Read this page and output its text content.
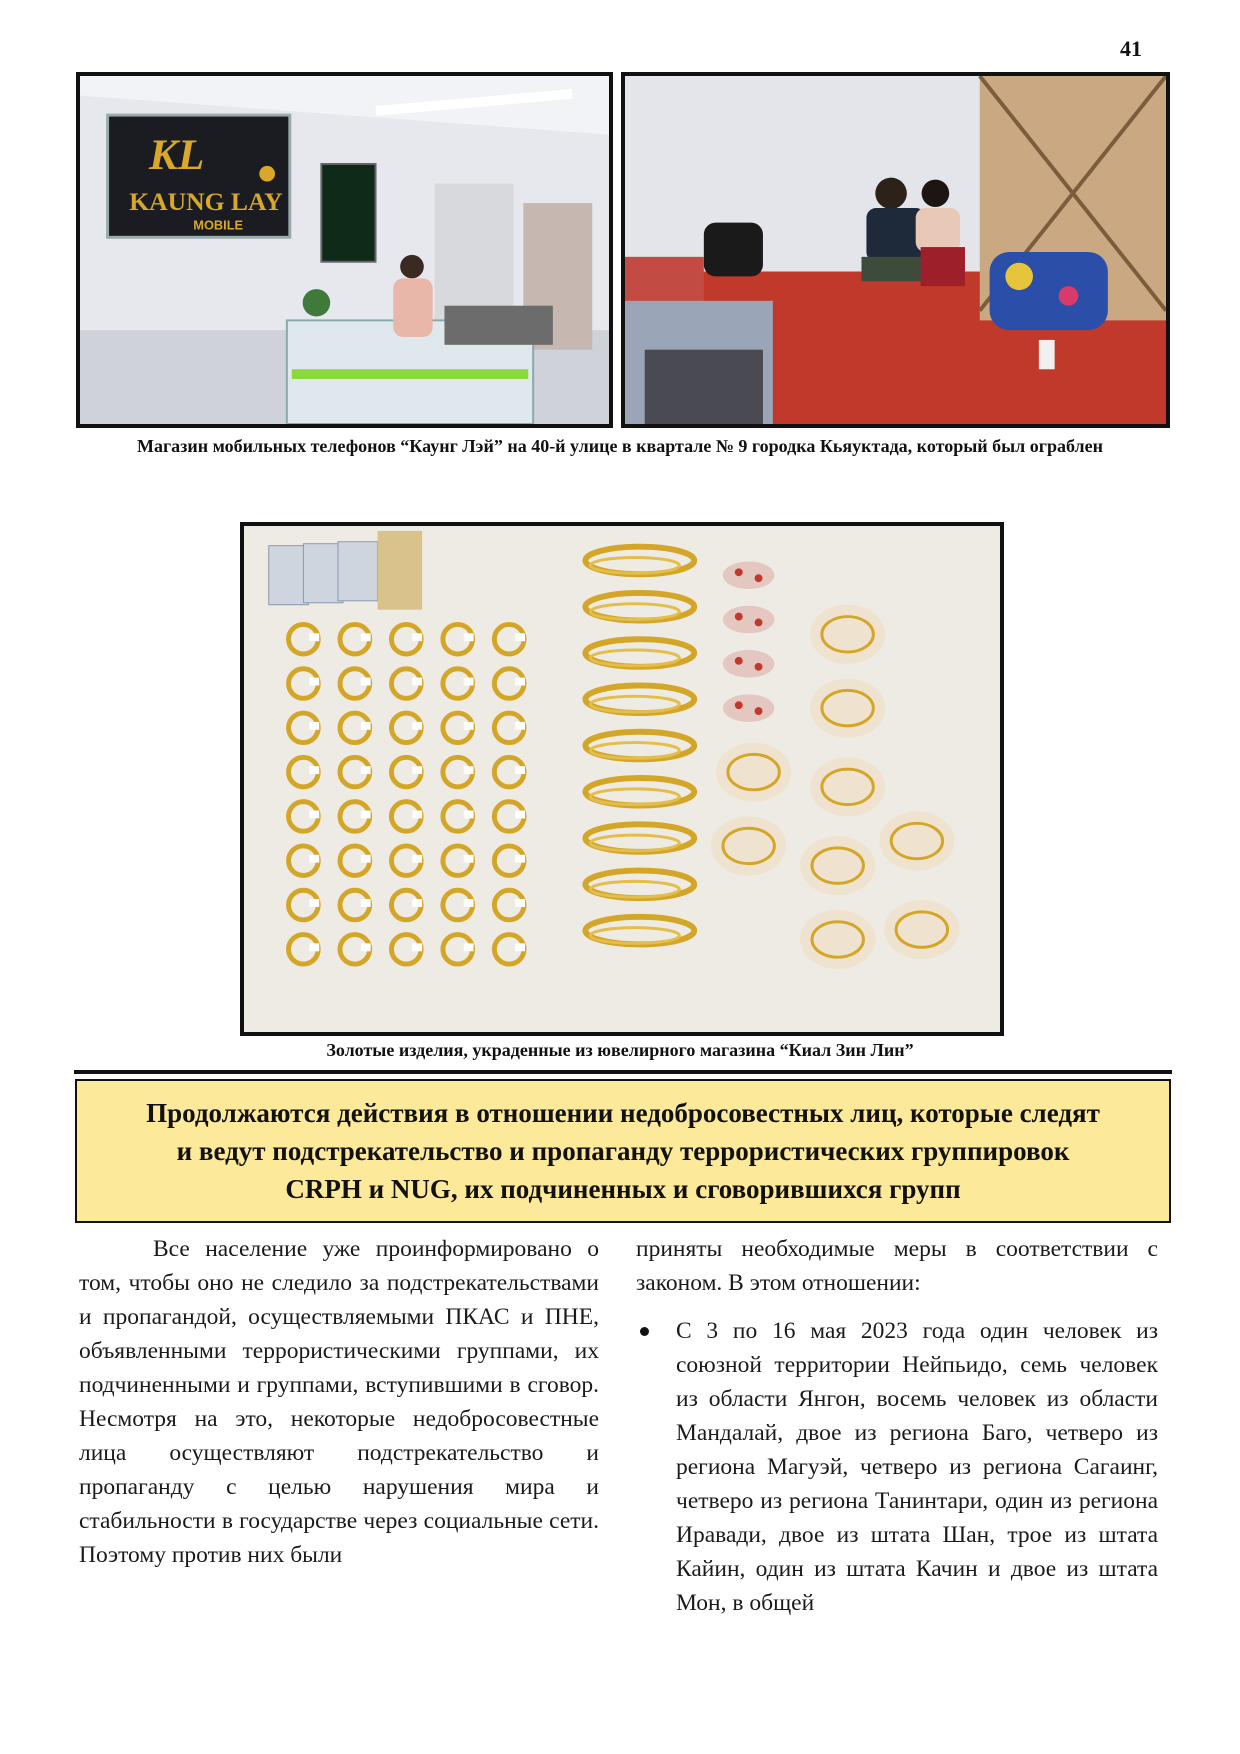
41
KL
KAUNG LAY
MOBILE
Магазин мобильных телефонов “Каунг Лэй” на 40-й улице в квартале № 9 городка Кьяуктада, который был ограблен
Золотые изделия, украденные из ювелирного магазина “Киал Зин Лин”
Продолжаются действия в отношении недобросовестных лиц, которые следят и ведут подстрекательство и пропаганду террористических группировок CRPH и NUG, их подчиненных и сговорившихся групп

Все население уже проинформировано о том, чтобы оно не следило за подстрекательствами и пропагандой, осуществляемыми ПКАС и ПНЕ, объявленными террористическими группами, их подчиненными и группами, вступившими в сговор. Несмотря на это, некоторые недобросовестные лица осуществляют подстрекательство и пропаганду с целью нарушения мира и стабильности в государстве через социальные сети. Поэтому против них были

приняты необходимые меры в соответствии с законом. В этом отношении:

С 3 по 16 мая 2023 года один человек из союзной территории Нейпьидо, семь человек из области Янгон, восемь человек из области Мандалай, двое из региона Баго, четверо из региона Магуэй, четверо из региона Сагаинг, четверо из региона Танинтари, один из региона Иравади, двое из штата Шан, трое из штата Кайин, один из штата Качин и двое из штата Мон, в общей
